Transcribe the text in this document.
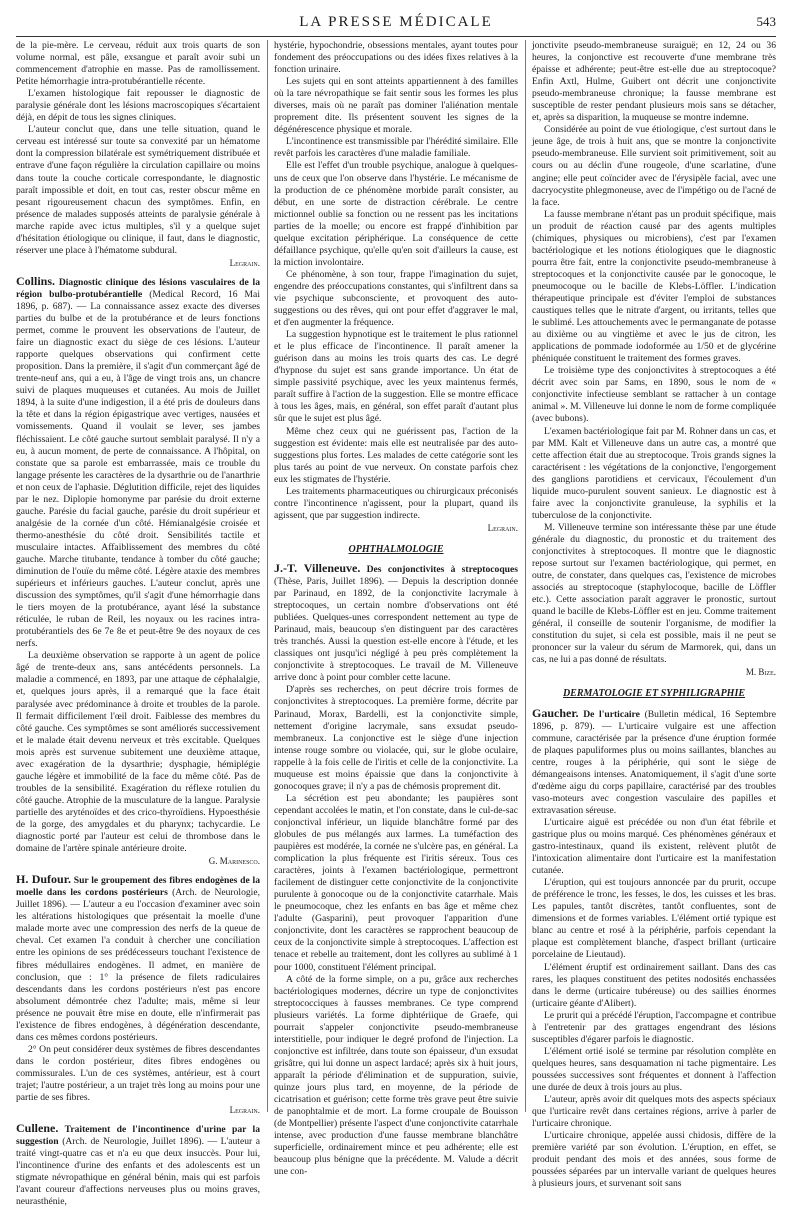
LA PRESSE MÉDICALE	543

de la pie-mère. Le cerveau, réduit aux trois quarts de son volume normal, est pâle, exsangue et paraît avoir subi un commencement d'atrophie en masse. Pas de ramollissement. Petite hémorrhagie intra-protubérantielle récente.

L'examen histologique fait repousser le diagnostic de paralysie générale dont les lésions macroscopiques s'écartaient déjà, en dépit de tous les signes cliniques.

L'auteur conclut que, dans une telle situation, quand le cerveau est intéressé sur toute sa convexité par un hématome dont la compression bilatérale est symétriquement distribuée et entrave d'une façon régulière la circulation capillaire ou moins dans toute la couche corticale correspondante, le diagnostic paraît impossible et doit, en tout cas, rester obscur même en pesant rigoureusement chacun des symptômes. Enfin, en présence de malades supposés atteints de paralysie générale à marche rapide avec ictus multiples, s'il y a quelque sujet d'hésitation étiologique ou clinique, il faut, dans le diagnostic, réserver une place à l'hématome subdural.

Legrain.

Collins. Diagnostic clinique des lésions vasculaires de la région bulbo-protubérantielle (Medical Record, 16 Mai 1896, p. 687). — La connaissance assez exacte des diverses parties du bulbe et de la protubérance et de leurs fonctions permet, comme le prouvent les observations de l'auteur, de faire un diagnostic exact du siège de ces lésions. L'auteur rapporte quelques observations qui confirment cette proposition. Dans la première, il s'agit d'un commerçant âgé de trente-neuf ans, qui a eu, à l'âge de vingt trois ans, un chancre suivi de plaques muqueuses et cutanées. Au mois de Juillet 1894, à la suite d'une indigestion, il a été pris de douleurs dans la tête et dans la région épigastrique avec vertiges, nausées et vomissements. Quand il voulait se lever, ses jambes fléchissaient. Le côté gauche surtout semblait paralysé. Il n'y a eu, à aucun moment, de perte de connaissance. A l'hôpital, on constate que sa parole est embarrassée, mais ce trouble du langage présente les caractères de la dysarthrie ou de l'anarthrie et non ceux de l'aphasie. Déglutition difficile, rejet des liquides par le nez. Diplopie homonyme par parésie du droit externe gauche. Parésie du facial gauche, parésie du droit supérieur et analgésie de la cornée d'un côté. Hémianalgésie croisée et thermo-anesthésie du côté droit. Sensibilités tactile et musculaire intactes. Affaiblissement des membres du côté gauche. Marche titubante, tendance à tomber du côté gauche; diminution de l'ouïe du même côté. Légère ataxie des membres supérieurs et inférieurs gauches. L'auteur conclut, après une discussion des symptômes, qu'il s'agit d'une hémorrhagie dans le tiers moyen de la protubérance, ayant lésé la substance réticulée, le ruban de Reil, les noyaux ou les racines intra-protubérantiels des 6e 7e 8e et peut-être 9e des noyaux de ces nerfs.

La deuxième observation se rapporte à un agent de police âgé de trente-deux ans, sans antécédents personnels. La maladie a commencé, en 1893, par une attaque de céphalalgie, et, quelques jours après, il a remarqué que la face était paralysée avec prédominance à droite et troubles de la parole. Il fermait difficilement l'œil droit. Faiblesse des membres du côté gauche. Ces symptômes se sont améliorés successivement et le malade était devenu nerveux et très excitable. Quelques mois après est survenue subitement une deuxième attaque, avec exagération de la dysarthrie; dysphagie, hémiplégie gauche légère et immobilité de la face du même côté. Pas de troubles de la sensibilité. Exagération du réflexe rotulien du côté gauche. Atrophie de la musculature de la langue. Paralysie partielle des aryténoïdes et des crico-thyroïdiens. Hypoesthésie de la gorge, des amygdales et du pharynx; tachycardie. Le diagnostic porté par l'auteur est celui de thrombose dans le domaine de l'artère spinale antérieure droite.

G. Marinesco.

H. Dufour. Sur le groupement des fibres endogènes de la moelle dans les cordons postérieurs (Arch. de Neurologie, Juillet 1896). — L'auteur a eu l'occasion d'examiner avec soin les altérations histologiques que présentait la moelle d'une malade morte avec une compression des nerfs de la queue de cheval. Cet examen l'a conduit à chercher une conciliation entre les opinions de ses prédécesseurs touchant l'existence de fibres médullaires endogènes. Il admet, en manière de conclusion, que : 1° la présence de filets radiculaires descendants dans les cordons postérieurs n'est pas encore absolument démontrée chez l'adulte; mais, même si leur présence ne pouvait être mise en doute, elle n'infirmerait pas l'existence de fibres endogènes, à dégénération descendante, dans ces mêmes cordons postérieurs.

2° On peut considérer deux systèmes de fibres descendantes dans le cordon postérieur, dites fibres endogènes ou commissurales. L'un de ces systèmes, antérieur, est à court trajet; l'autre postérieur, a un trajet très long au moins pour une partie de ses fibres.

Legrain.

Cullene. Traitement de l'incontinence d'urine par la suggestion (Arch. de Neurologie, Juillet 1896). — L'auteur a traité vingt-quatre cas et n'a eu que deux insuccès. Pour lui, l'incontinence d'urine des enfants et des adolescents est un stigmate névropathique en général bénin, mais qui est parfois l'avant coureur d'affections nerveuses plus ou moins graves, neurasthénie,

hystérie, hypochondrie, obsessions mentales, ayant toutes pour fondement des préoccupations ou des idées fixes relatives à la fonction urinaire.

Les sujets qui en sont atteints appartiennent à des familles où la tare névropathique se fait sentir sous les formes les plus diverses, mais où ne paraît pas dominer l'aliénation mentale proprement dite. Ils présentent souvent les signes de la dégénérescence physique et morale.

L'incontinence est transmissible par l'hérédité similaire. Elle revêt parfois les caractères d'une maladie familiale.

Elle est l'effet d'un trouble psychique, analogue à quelques-uns de ceux que l'on observe dans l'hystérie. Le mécanisme de la production de ce phénomène morbide paraît consister, au début, en une sorte de distraction cérébrale. Le centre mictionnel oublie sa fonction ou ne ressent pas les incitations parties de la moelle; ou encore est frappé d'inhibition par quelque excitation périphérique. La conséquence de cette défaillance psychique, qu'elle qu'en soit d'ailleurs la cause, est la miction involontaire.

Ce phénomène, à son tour, frappe l'imagination du sujet, engendre des préoccupations constantes, qui s'infiltrent dans sa vie psychique subconsciente, et provoquent des auto-suggestions ou des rêves, qui ont pour effet d'aggraver le mal, et d'en augmenter la fréquence.

La suggestion hypnotique est le traitement le plus rationnel et le plus efficace de l'incontinence. Il paraît amener la guérison dans au moins les trois quarts des cas. Le degré d'hypnose du sujet est sans grande importance. Un état de simple passivité psychique, avec les yeux maintenus fermés, paraît suffire à l'action de la suggestion. Elle se montre efficace à tous les âges, mais, en général, son effet paraît d'autant plus sûr que le sujet est plus âgé.

Même chez ceux qui ne guérissent pas, l'action de la suggestion est évidente: mais elle est neutralisée par des auto-suggestions plus fortes. Les malades de cette catégorie sont les plus tarés au point de vue nerveux. On constate parfois chez eux les stigmates de l'hystérie.

Les traitements pharmaceutiques ou chirurgicaux préconisés contre l'incontinence n'agissent, pour la plupart, quand ils agissent, que par suggestion indirecte.

Legrain.

OPHTHALMOLOGIE

J.-T. Villeneuve. Des conjonctivites à streptocoques (Thèse, Paris, Juillet 1896). — Depuis la description donnée par Parinaud, en 1892, de la conjonctivite lacrymale à streptocoques, un certain nombre d'observations ont été publiées. Quelques-unes correspondent nettement au type de Parinaud, mais, beaucoup s'en distinguent par des caractères très tranchés. Aussi la question est-elle encore à l'étude, et les classiques ont jusqu'ici négligé à peu près complètement la conjonctivite à streptocoques. Le travail de M. Villeneuve arrive donc à point pour combler cette lacune.

D'après ses recherches, on peut décrire trois formes de conjonctivites à streptocoques. La première forme, décrite par Parinaud, Morax, Bardelli, est la conjonctivite simple, nettement d'origine lacrymale, sans exsudat pseudo-membraneux. La conjonctive est le siège d'une injection intense rouge sombre ou violacée, qui, sur le globe oculaire, rappelle à la fois celle de l'iritis et celle de la conjonctivite. La muqueuse est moins épaissie que dans la conjonctivite à gonocoques grave; il n'y a pas de chémosis proprement dit.

La sécrétion est peu abondante; les paupières sont cependant accolées le matin, et l'on constate, dans le cul-de-sac conjonctival inférieur, un liquide blanchâtre formé par des globules de pus mélangés aux larmes. La tuméfaction des paupières est modérée, la cornée ne s'ulcère pas, en général. La complication la plus fréquente est l'iritis séreux. Tous ces caractères, joints à l'examen bactériologique, permettront facilement de distinguer cette conjonctivite de la conjonctivite purulente à gonocoque ou de la conjonctivite catarrhale. Mais le pneumocoque, chez les enfants en bas âge et même chez l'adulte (Gasparini), peut provoquer l'apparition d'une conjonctivite, dont les caractères se rapprochent beaucoup de ceux de la conjonctivite simple à streptocoques. L'affection est tenace et rebelle au traitement, dont les collyres au sublimé à 1 pour 1000, constituent l'élément principal.

A côté de la forme simple, on a pu, grâce aux recherches bactériologiques modernes, décrire un type de conjonctivites streptococciques à fausses membranes. Ce type comprend plusieurs variétés. La forme diphtériique de Graefe, qui pourrait s'appeler conjonctivite pseudo-membraneuse interstitielle, pour indiquer le degré profond de l'injection. La conjonctive est infiltrée, dans toute son épaisseur, d'un exsudat grisâtre, qui lui donne un aspect lardacé; après six à huit jours, apparaît la période d'élimination et de suppuration, suivie, quinze jours plus tard, en moyenne, de la période de cicatrisation et guérison; cette forme très grave peut être suivie de panophtalmie et de mort. La forme croupale de Bouisson (de Montpellier) présente l'aspect d'une conjonctivite catarrhale intense, avec production d'une fausse membrane blanchâtre superficielle, ordinairement mince et peu adhérente; elle est beaucoup plus bénigne que la précédente. M. Valude a décrit une con-

jonctivite pseudo-membraneuse suraiguë; en 12, 24 ou 36 heures, la conjonctive est recouverte d'une membrane très épaisse et adhérente; peut-être est-elle due au streptocoque? Enfin Axtl, Hulme, Guibert ont décrit une conjonctivite pseudo-membraneuse chronique; la fausse membrane est susceptible de rester pendant plusieurs mois sans se détacher, et, après sa disparition, la muqueuse se montre indemne.

Considérée au point de vue étiologique, c'est surtout dans le jeune âge, de trois à huit ans, que se montre la conjonctivite pseudo-membraneuse. Elle survient soit primitivement, soit au cours ou au déclin d'une rougeole, d'une scarlatine, d'une angine; elle peut coïncider avec de l'érysipèle facial, avec une dacryocystite phlegmoneuse, avec de l'impétigo ou de l'acné de la face.

La fausse membrane n'étant pas un produit spécifique, mais un produit de réaction causé par des agents multiples (chimiques, physiques ou microbiens), c'est par l'examen bactériologique et les notions étiologiques que le diagnostic pourra être fait, entre la conjonctivite pseudo-membraneuse à streptocoques et la conjonctivite causée par le gonocoque, le pneumocoque ou le bacille de Klebs-Löffler. L'indication thérapeutique principale est d'éviter l'emploi de substances caustiques telles que le nitrate d'argent, ou irritants, telles que le sublimé. Les attouchements avec le permanganate de potasse au dixième ou au vingtième et avec le jus de citron, les applications de pommade iodoformée au 1/50 et de glycérine phéniquée constituent le traitement des formes graves.

Le troisième type des conjonctivites à streptocoques a été décrit avec soin par Sams, en 1890, sous le nom de « conjonctivite infectieuse semblant se rattacher à un contage animal ». M. Villeneuve lui donne le nom de forme compliquée (avec bubons).

L'examen bactériologique fait par M. Rohner dans un cas, et par MM. Kalt et Villeneuve dans un autre cas, a montré que cette affection était due au streptocoque. Trois grands signes la caractérisent : les végétations de la conjonctive, l'engorgement des ganglions parotidiens et cervicaux, l'écoulement d'un liquide muco-purulent souvent sanieux. Le diagnostic est à faire avec la conjonctivite granuleuse, la syphilis et la tuberculose de la conjonctivite.

M. Villeneuve termine son intéressante thèse par une étude générale du diagnostic, du pronostic et du traitement des conjonctivites à streptocoques. Il montre que le diagnostic repose surtout sur l'examen bactériologique, qui permet, en outre, de constater, dans quelques cas, l'existence de microbes associés au streptocoque (staphylocoque, bacille de Löffler etc.). Cette association paraît aggraver le pronostic, surtout quand le bacille de Klebs-Löffler est en jeu. Comme traitement général, il conseille de soutenir l'organisme, de modifier la constitution du sujet, si cela est possible, mais il ne peut se prononcer sur la valeur du sérum de Marmorek, qui, dans un cas, ne lui a pas donné de résultats.

M. Bize.

DERMATOLOGIE ET SYPHILIGRAPHIE

Gaucher. De l'urticaire (Bulletin médical, 16 Septembre 1896, p. 879). — L'urticaire vulgaire est une affection commune, caractérisée par la présence d'une éruption formée de plaques papuliformes plus ou moins saillantes, blanches au centre, rouges à la périphérie, qui sont le siège de démangeaisons intenses. Anatomiquement, il s'agit d'une sorte d'œdème aigu du corps papillaire, caractérisé par des troubles vaso-moteurs avec congestion vasculaire des papilles et extravasation séreuse.

L'urticaire aiguë est précédée ou non d'un état fébrile et gastrique plus ou moins marqué. Ces phénomènes généraux et gastro-intestinaux, quand ils existent, relèvent plutôt de l'intoxication alimentaire dont l'urticaire est la manifestation cutanée.

L'éruption, qui est toujours annoncée par du prurit, occupe de préférence le tronc, les fesses, le dos, les cuisses et les bras. Les papules, tantôt discrètes, tantôt confluentes, sont de dimensions et de formes variables. L'élément ortié typique est blanc au centre et rosé à la périphérie, parfois cependant la plaque est complètement blanche, d'aspect brillant (urticaire porcelaine de Lieutaud).

L'élément éruptif est ordinairement saillant. Dans des cas rares, les plaques constituent des petites nodosités enchassées dans le derme (urticaire tubéreuse) ou des saillies énormes (urticaire géante d'Alibert).

Le prurit qui a précédé l'éruption, l'accompagne et contribue à l'entretenir par des grattages engendrant des lésions susceptibles d'égarer parfois le diagnostic.

L'élément ortié isolé se termine par résolution complète en quelques heures, sans desquamation ni tache pigmentaire. Les poussées successives sont fréquentes et donnent à l'affection une durée de deux à trois jours au plus.

L'auteur, après avoir dit quelques mots des aspects spéciaux que l'urticaire revêt dans certaines régions, arrive à parler de l'urticaire chronique.

L'urticaire chronique, appelée aussi chidosis, diffère de la première variété par son évolution. L'éruption, en effet, se produit pendant des mois et des années, sous forme de poussées séparées par un intervalle variant de quelques heures à plusieurs jours, et survenant soit sans
